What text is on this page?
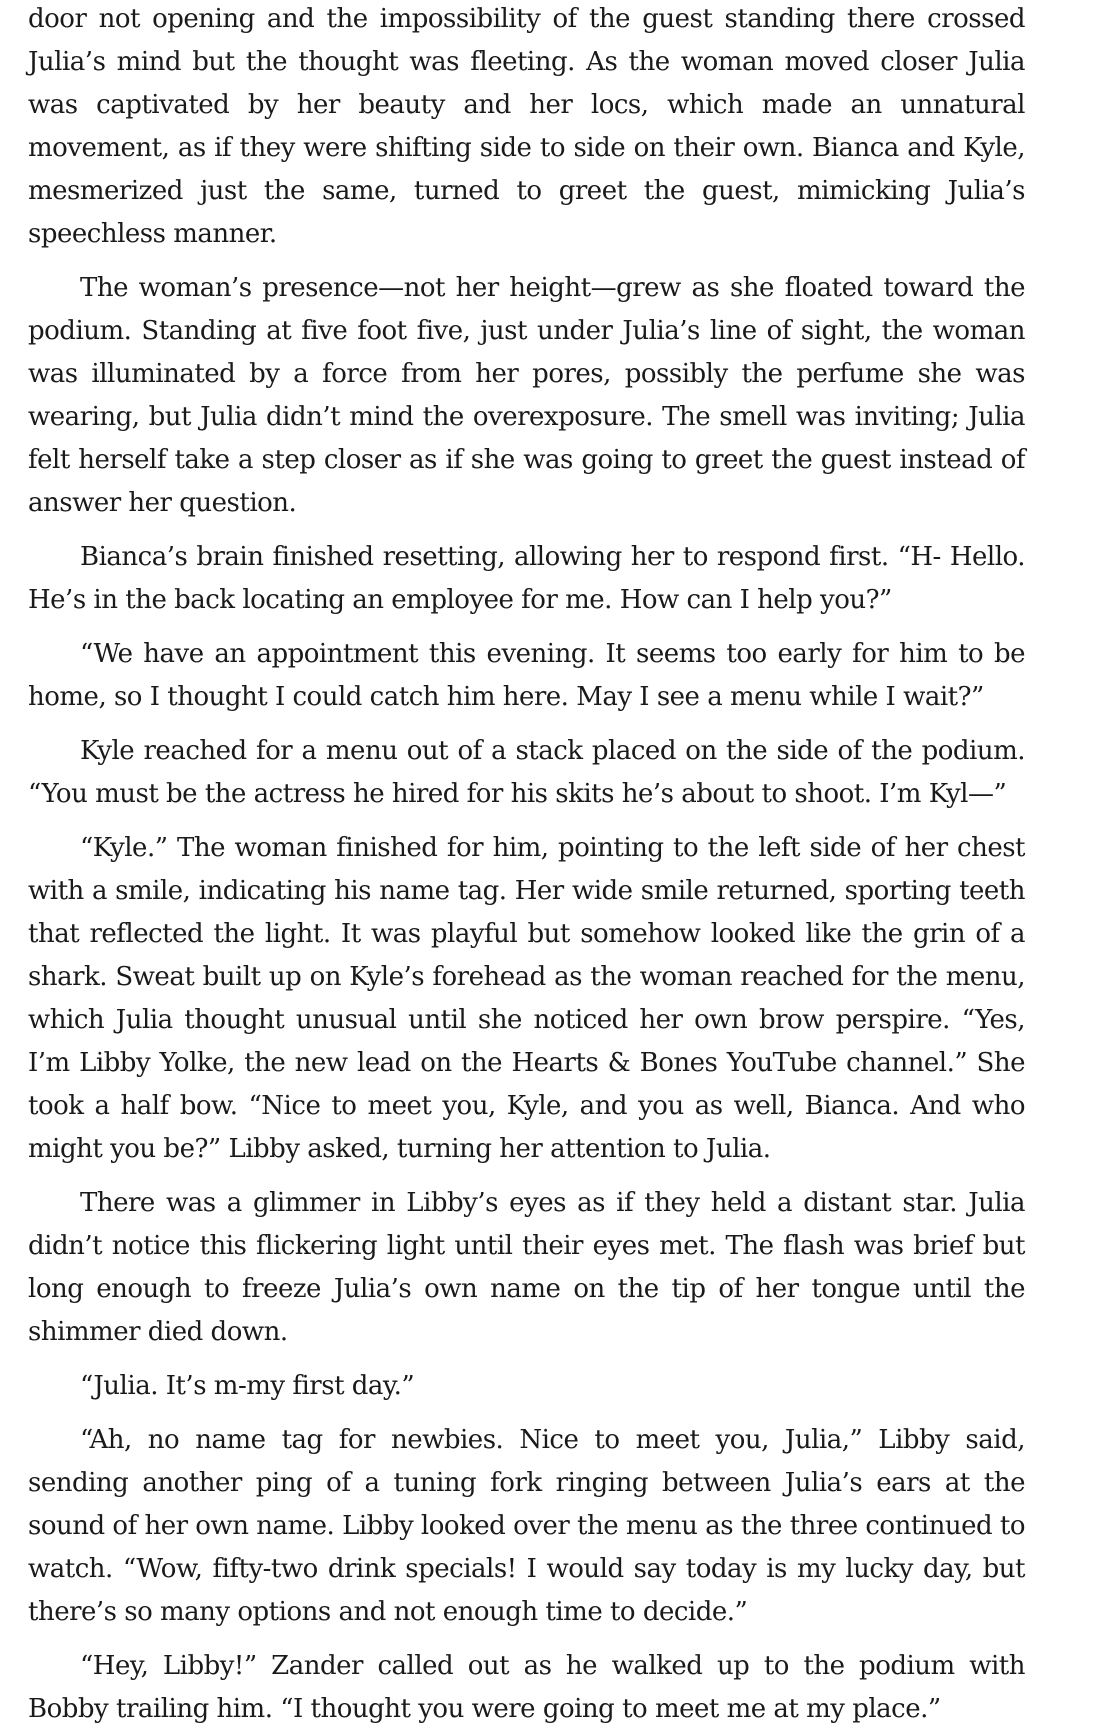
door not opening and the impossibility of the guest standing there crossed Julia’s mind but the thought was fleeting. As the woman moved closer Julia was captivated by her beauty and her locs, which made an unnatural movement, as if they were shifting side to side on their own. Bianca and Kyle, mesmerized just the same, turned to greet the guest, mimicking Julia’s speechless manner.

The woman’s presence—not her height—grew as she floated toward the podium. Standing at five foot five, just under Julia’s line of sight, the woman was illuminated by a force from her pores, possibly the perfume she was wearing, but Julia didn’t mind the overexposure. The smell was inviting; Julia felt herself take a step closer as if she was going to greet the guest instead of answer her question.

Bianca’s brain finished resetting, allowing her to respond first. “H- Hello. He’s in the back locating an employee for me. How can I help you?”

“We have an appointment this evening. It seems too early for him to be home, so I thought I could catch him here. May I see a menu while I wait?”

Kyle reached for a menu out of a stack placed on the side of the podium. “You must be the actress he hired for his skits he’s about to shoot. I’m Kyl—”

“Kyle.” The woman finished for him, pointing to the left side of her chest with a smile, indicating his name tag. Her wide smile returned, sporting teeth that reflected the light. It was playful but somehow looked like the grin of a shark. Sweat built up on Kyle’s forehead as the woman reached for the menu, which Julia thought unusual until she noticed her own brow perspire. “Yes, I’m Libby Yolke, the new lead on the Hearts & Bones YouTube channel.” She took a half bow. “Nice to meet you, Kyle, and you as well, Bianca. And who might you be?” Libby asked, turning her attention to Julia.

There was a glimmer in Libby’s eyes as if they held a distant star. Julia didn’t notice this flickering light until their eyes met. The flash was brief but long enough to freeze Julia’s own name on the tip of her tongue until the shimmer died down.

“Julia. It’s m-my first day.”

“Ah, no name tag for newbies. Nice to meet you, Julia,” Libby said, sending another ping of a tuning fork ringing between Julia’s ears at the sound of her own name. Libby looked over the menu as the three continued to watch. “Wow, fifty-two drink specials! I would say today is my lucky day, but there’s so many options and not enough time to decide.”

“Hey, Libby!” Zander called out as he walked up to the podium with Bobby trailing him. “I thought you were going to meet me at my place.”
